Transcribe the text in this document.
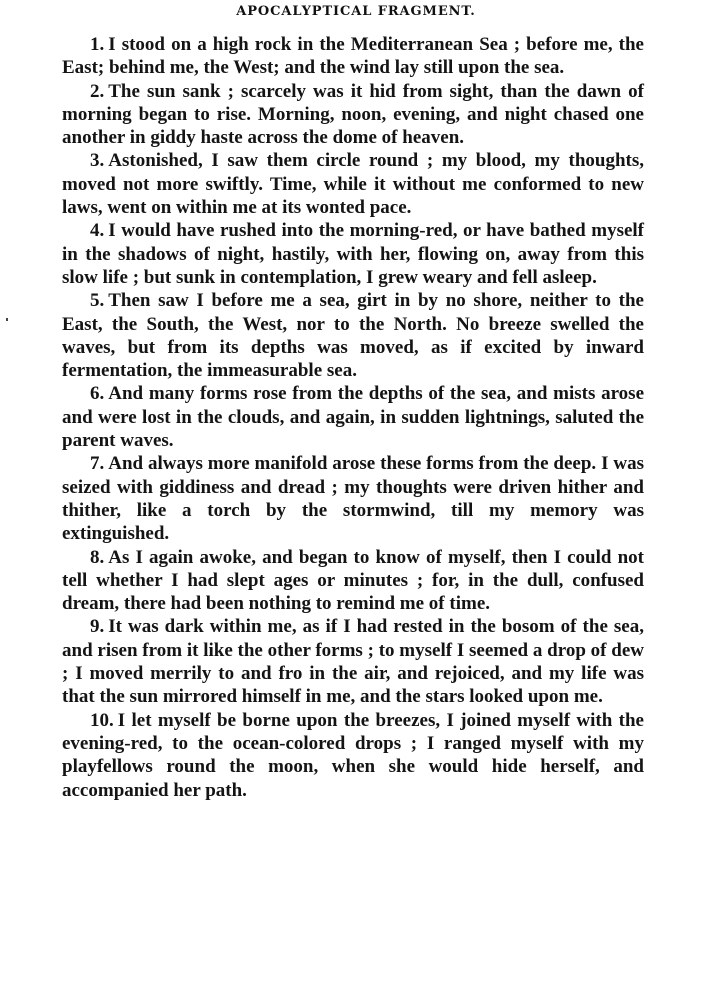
APOCALYPTICAL FRAGMENT.

1. I stood on a high rock in the Mediterranean Sea ; before me, the East; behind me, the West; and the wind lay still upon the sea.

2. The sun sank ; scarcely was it hid from sight, than the dawn of morning began to rise. Morning, noon, evening, and night chased one another in giddy haste across the dome of heaven.

3. Astonished, I saw them circle round ; my blood, my thoughts, moved not more swiftly. Time, while it without me conformed to new laws, went on within me at its wonted pace.

4. I would have rushed into the morning-red, or have bathed myself in the shadows of night, hastily, with her, flowing on, away from this slow life ; but sunk in contemplation, I grew weary and fell asleep.

5. Then saw I before me a sea, girt in by no shore, neither to the East, the South, the West, nor to the North. No breeze swelled the waves, but from its depths was moved, as if excited by inward fermentation, the immeasurable sea.

6. And many forms rose from the depths of the sea, and mists arose and were lost in the clouds, and again, in sudden lightnings, saluted the parent waves.

7. And always more manifold arose these forms from the deep. I was seized with giddiness and dread ; my thoughts were driven hither and thither, like a torch by the stormwind, till my memory was extinguished.

8. As I again awoke, and began to know of myself, then I could not tell whether I had slept ages or minutes ; for, in the dull, confused dream, there had been nothing to remind me of time.

9. It was dark within me, as if I had rested in the bosom of the sea, and risen from it like the other forms ; to myself I seemed a drop of dew ; I moved merrily to and fro in the air, and rejoiced, and my life was that the sun mirrored himself in me, and the stars looked upon me.

10. I let myself be borne upon the breezes, I joined myself with the evening-red, to the ocean-colored drops ; I ranged myself with my playfellows round the moon, when she would hide herself, and accompanied her path.
